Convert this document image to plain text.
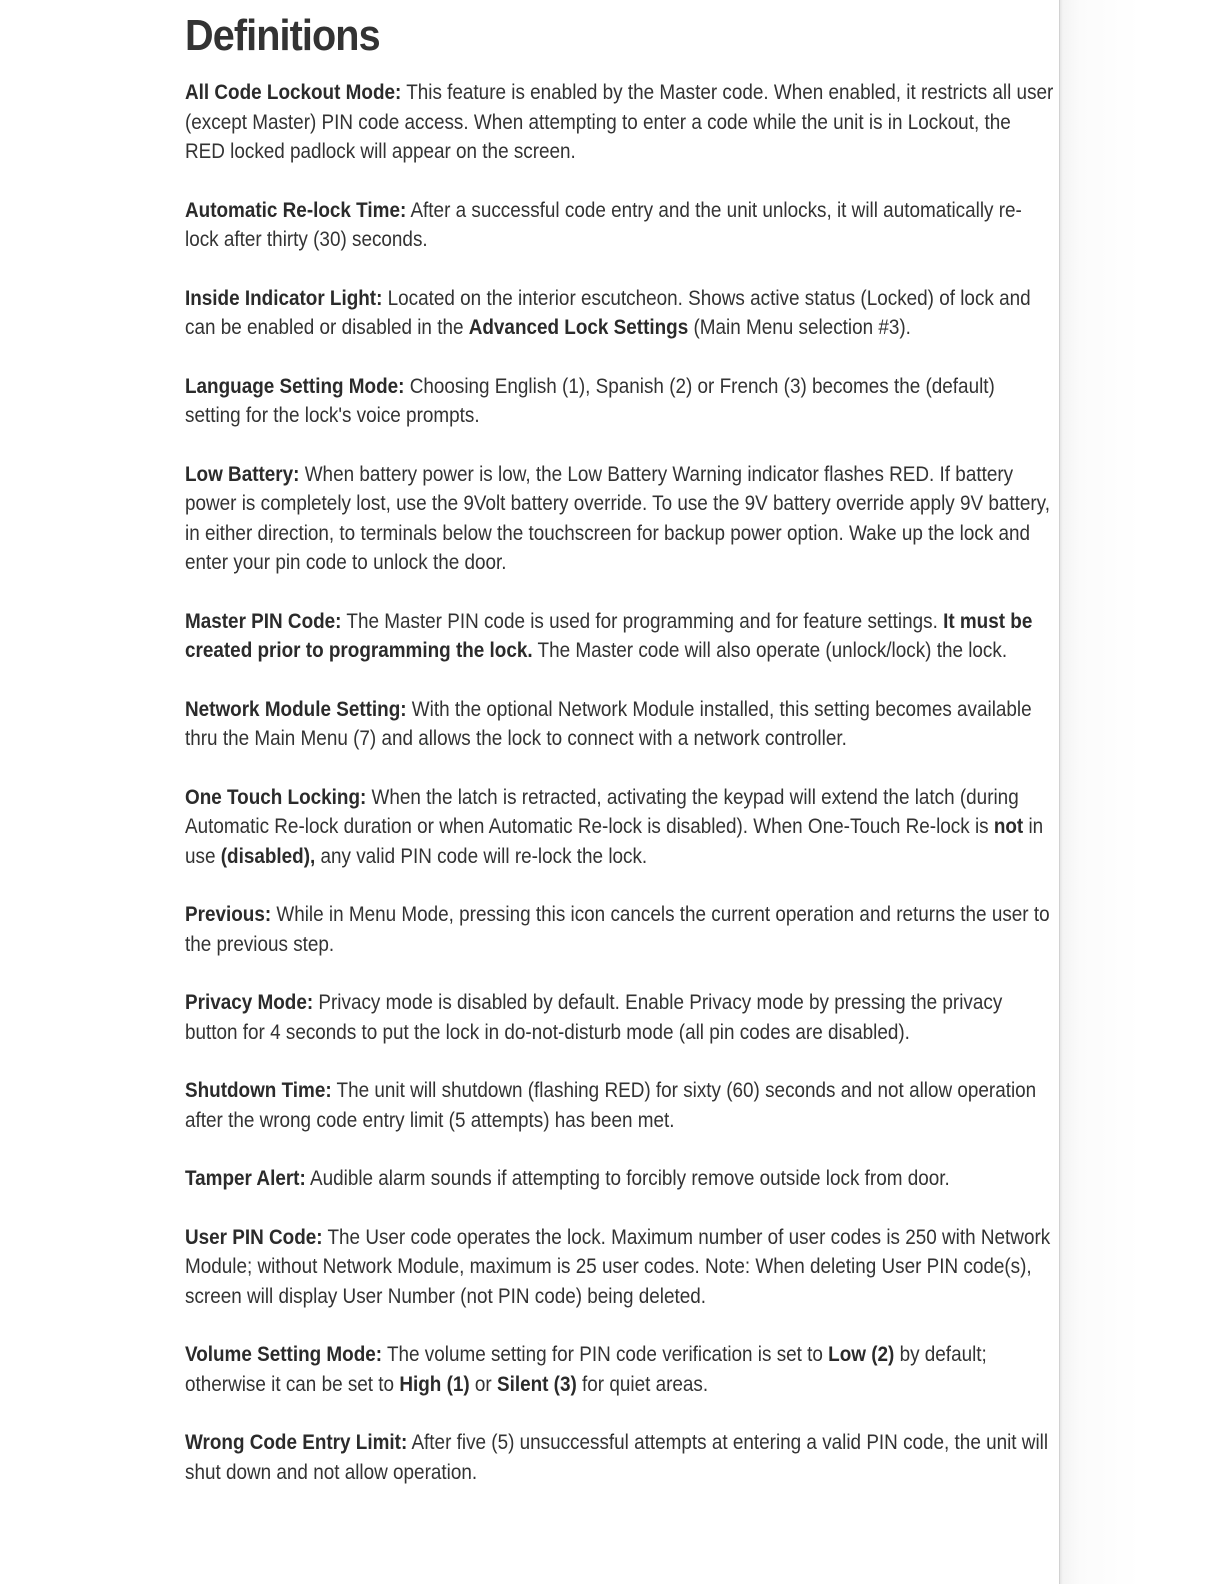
Definitions

All Code Lockout Mode: This feature is enabled by the Master code. When enabled, it restricts all user (except Master) PIN code access. When attempting to enter a code while the unit is in Lockout, the RED locked padlock will appear on the screen.

Automatic Re-lock Time: After a successful code entry and the unit unlocks, it will automatically re-lock after thirty (30) seconds.

Inside Indicator Light: Located on the interior escutcheon. Shows active status (Locked) of lock and can be enabled or disabled in the Advanced Lock Settings (Main Menu selection #3).

Language Setting Mode: Choosing English (1), Spanish (2) or French (3) becomes the (default) setting for the lock's voice prompts.

Low Battery: When battery power is low, the Low Battery Warning indicator flashes RED. If battery power is completely lost, use the 9Volt battery override. To use the 9V battery override apply 9V battery, in either direction, to terminals below the touchscreen for backup power option. Wake up the lock and enter your pin code to unlock the door.

Master PIN Code: The Master PIN code is used for programming and for feature settings. It must be created prior to programming the lock. The Master code will also operate (unlock/lock) the lock.

Network Module Setting: With the optional Network Module installed, this setting becomes available thru the Main Menu (7) and allows the lock to connect with a network controller.

One Touch Locking: When the latch is retracted, activating the keypad will extend the latch (during Automatic Re-lock duration or when Automatic Re-lock is disabled). When One-Touch Re-lock is not in use (disabled), any valid PIN code will re-lock the lock.

Previous: While in Menu Mode, pressing this icon cancels the current operation and returns the user to the previous step.

Privacy Mode: Privacy mode is disabled by default. Enable Privacy mode by pressing the privacy button for 4 seconds to put the lock in do-not-disturb mode (all pin codes are disabled).

Shutdown Time: The unit will shutdown (flashing RED) for sixty (60) seconds and not allow operation after the wrong code entry limit (5 attempts) has been met.

Tamper Alert: Audible alarm sounds if attempting to forcibly remove outside lock from door.

User PIN Code: The User code operates the lock. Maximum number of user codes is 250 with Network Module; without Network Module, maximum is 25 user codes. Note: When deleting User PIN code(s), screen will display User Number (not PIN code) being deleted.

Volume Setting Mode: The volume setting for PIN code verification is set to Low (2) by default; otherwise it can be set to High (1) or Silent (3) for quiet areas.

Wrong Code Entry Limit: After five (5) unsuccessful attempts at entering a valid PIN code, the unit will shut down and not allow operation.
